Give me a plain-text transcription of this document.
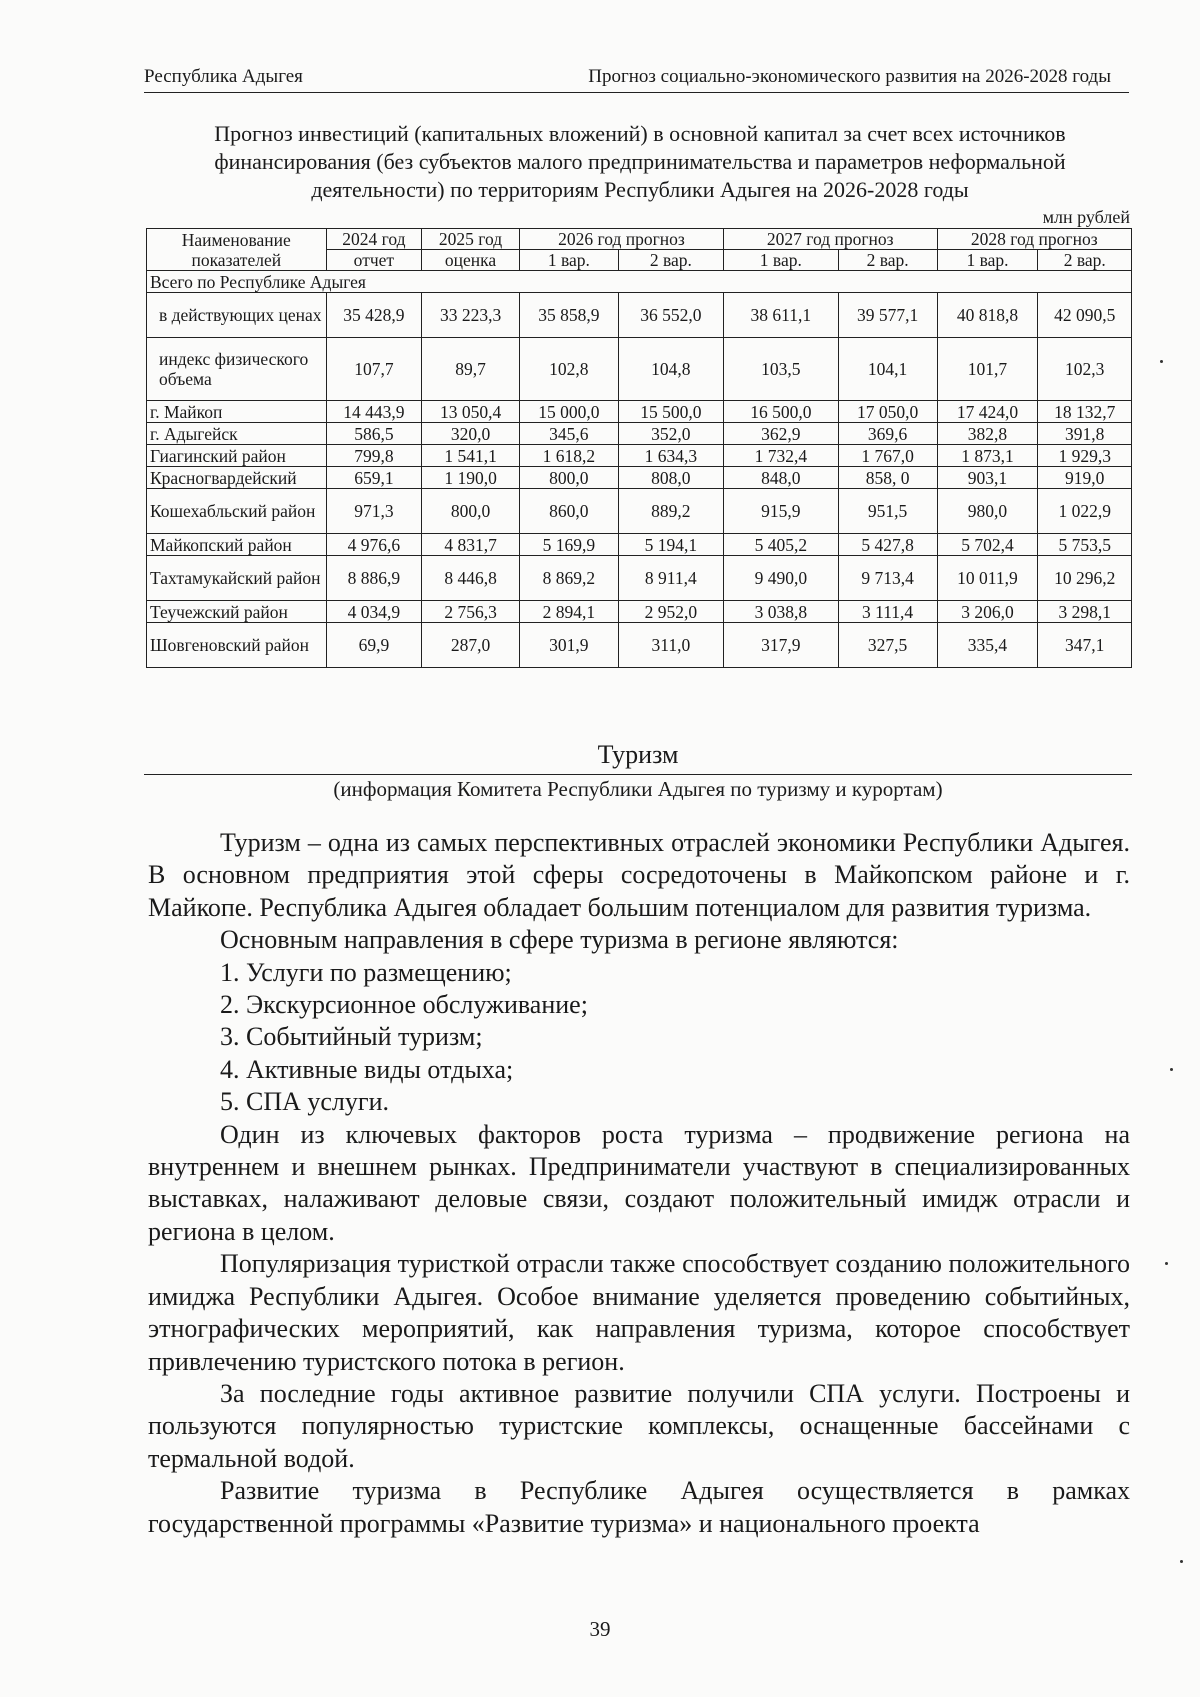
Республика Адыгея	Прогноз социально-экономического развития на 2026-2028 годы
Прогноз инвестиций (капитальных вложений) в основной капитал за счет всех источников финансирования (без субъектов малого предпринимательства и параметров неформальной деятельности) по территориям Республики Адыгея на 2026-2028 годы
млн рублей
Наименование показателей	2024 год	2025 год	2026 год прогноз		2027 год прогноз		2028 год прогноз	
	отчет	оценка	1 вар.	2 вар.	1 вар.	2 вар.	1 вар.	2 вар.
Всего по Республике Адыгея								
в действующих ценах	35 428,9	33 223,3	35 858,9	36 552,0	38 611,1	39 577,1	40 818,8	42 090,5
индекс физического объема	107,7	89,7	102,8	104,8	103,5	104,1	101,7	102,3
г. Майкоп	14 443,9	13 050,4	15 000,0	15 500,0	16 500,0	17 050,0	17 424,0	18 132,7
г. Адыгейск	586,5	320,0	345,6	352,0	362,9	369,6	382,8	391,8
Гиагинский район	799,8	1 541,1	1 618,2	1 634,3	1 732,4	1 767,0	1 873,1	1 929,3
Красногвардейский	659,1	1 190,0	800,0	808,0	848,0	858, 0	903,1	919,0
Кошехабльский район	971,3	800,0	860,0	889,2	915,9	951,5	980,0	1 022,9
Майкопский район	4 976,6	4 831,7	5 169,9	5 194,1	5 405,2	5 427,8	5 702,4	5 753,5
Тахтамукайский район	8 886,9	8 446,8	8 869,2	8 911,4	9 490,0	9 713,4	10 011,9	10 296,2
Теучежский район	4 034,9	2 756,3	2 894,1	2 952,0	3 038,8	3 111,4	3 206,0	3 298,1
Шовгеновский район	69,9	287,0	301,9	311,0	317,9	327,5	335,4	347,1
Туризм
(информация Комитета Республики Адыгея по туризму и курортам)

Туризм – одна из самых перспективных отраслей экономики Республики Адыгея. В основном предприятия этой сферы сосредоточены в Майкопском районе и г. Майкопе. Республика Адыгея обладает большим потенциалом для развития туризма.

Основным направления в сфере туризма в регионе являются:

1. Услуги по размещению;

2. Экскурсионное обслуживание;

3. Событийный туризм;

4. Активные виды отдыха;

5. СПА услуги.

Один из ключевых факторов роста туризма – продвижение региона на внутреннем и внешнем рынках. Предприниматели участвуют в специализированных выставках, налаживают деловые связи, создают положительный имидж отрасли и региона в целом.

Популяризация туристкой отрасли также способствует созданию положительного имиджа Республики Адыгея. Особое внимание уделяется проведению событийных, этнографических мероприятий, как направления туризма, которое способствует привлечению туристского потока в регион.

За последние годы активное развитие получили СПА услуги. Построены и пользуются популярностью туристские комплексы, оснащенные бассейнами с термальной водой.

Развитие туризма в Республике Адыгея осуществляется в рамках государственной программы «Развитие туризма» и национального проекта

39
